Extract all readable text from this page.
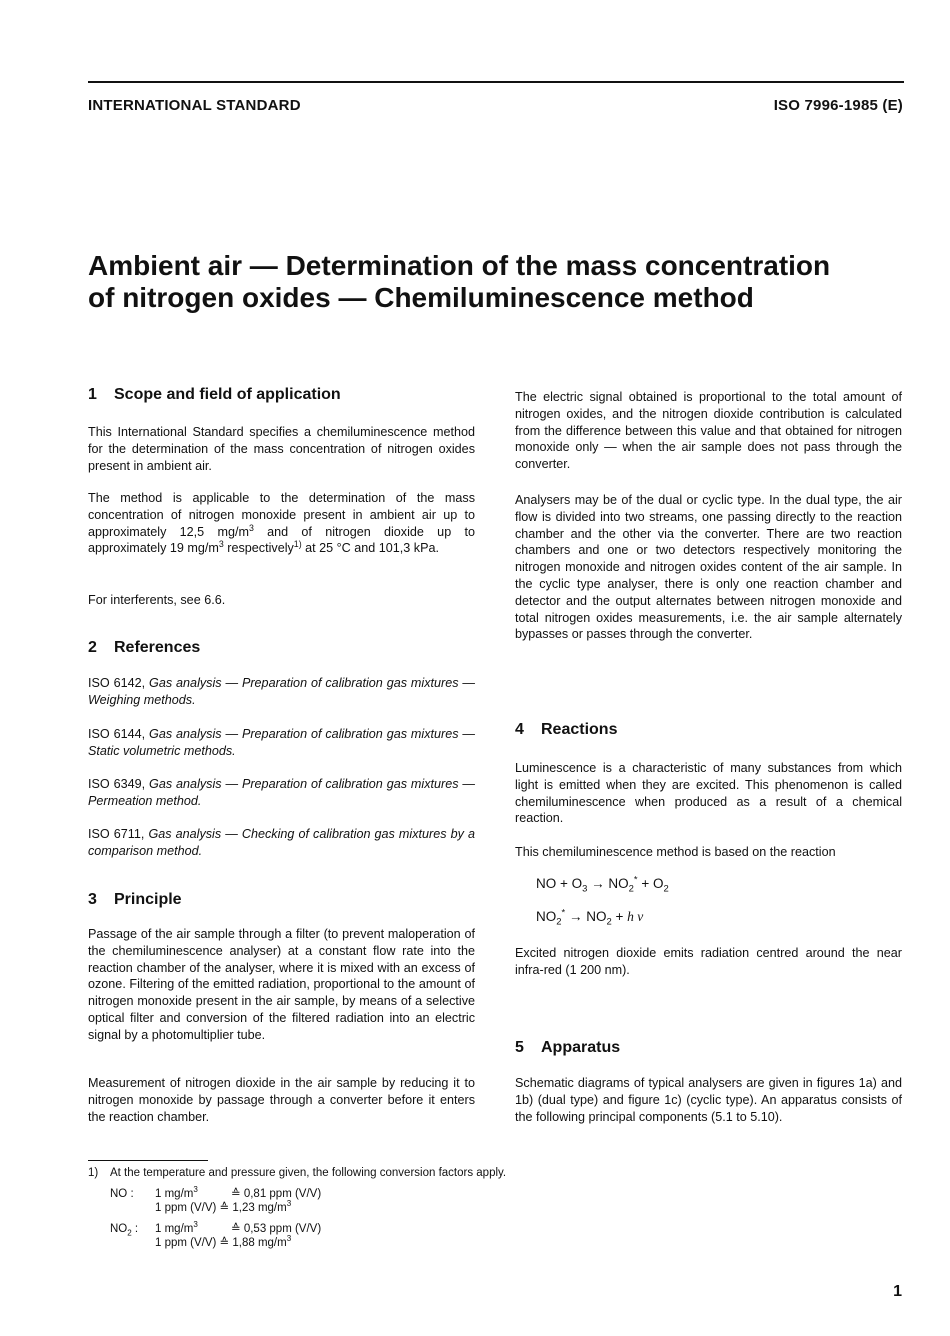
INTERNATIONAL STANDARD	ISO 7996-1985 (E)
Ambient air — Determination of the mass concentration
of nitrogen oxides — Chemiluminescence method
1 Scope and field of application

This International Standard specifies a chemiluminescence method for the determination of the mass concentration of nitrogen oxides present in ambient air.

The method is applicable to the determination of the mass concentration of nitrogen monoxide present in ambient air up to approximately 12,5 $mg/m^3$ and of nitrogen dioxide up to approximately 19 $mg/m^3$ respectively$^{1)}$ at 25 °C and 101,3 kPa.

For interferents, see 6.6.

2 References

ISO 6142, Gas analysis — Preparation of calibration gas mixtures — Weighing methods.

ISO 6144, Gas analysis — Preparation of calibration gas mixtures — Static volumetric methods.

ISO 6349, Gas analysis — Preparation of calibration gas mixtures — Permeation method.

ISO 6711, Gas analysis — Checking of calibration gas mixtures by a comparison method.

3 Principle

Passage of the air sample through a filter (to prevent maloperation of the chemiluminescence analyser) at a constant flow rate into the reaction chamber of the analyser, where it is mixed with an excess of ozone. Filtering of the emitted radiation, proportional to the amount of nitrogen monoxide present in the air sample, by means of a selective optical filter and conversion of the filtered radiation into an electric signal by a photomultiplier tube.

Measurement of nitrogen dioxide in the air sample by reducing it to nitrogen monoxide by passage through a converter before it enters the reaction chamber.

The electric signal obtained is proportional to the total amount of nitrogen oxides, and the nitrogen dioxide contribution is calculated from the difference between this value and that obtained for nitrogen monoxide only — when the air sample does not pass through the converter.

Analysers may be of the dual or cyclic type. In the dual type, the air flow is divided into two streams, one passing directly to the reaction chamber and the other via the converter. There are two reaction chambers and one or two detectors respectively monitoring the nitrogen monoxide and nitrogen oxides content of the air sample. In the cyclic type analyser, there is only one reaction chamber and detector and the output alternates between nitrogen monoxide and total nitrogen oxides measurements, i.e. the air sample alternately bypasses or passes through the converter.

4 Reactions

Luminescence is a characteristic of many substances from which light is emitted when they are excited. This phenomenon is called chemiluminescence when produced as a result of a chemical reaction.

This chemiluminescence method is based on the reaction

NO + $O_3 \to NO_2^* + O_2$
$NO_2^* \to NO_2 + h$ v

Excited nitrogen dioxide emits radiation centred around the near infra-red (1 200 nm).

5 Apparatus

Schematic diagrams of typical analysers are given in figures 1a) and 1b) (dual type) and figure 1c) (cyclic type). An apparatus consists of the following principal components (5.1 to 5.10).

1) At the temperature and pressure given, the following conversion factors apply.
NO : 1 $mg/m^3$	≙ 0,81 ppm (V/V)
1 ppm (V/V) ≙ 1,23 $mg/m^3$
$NO_2$ : 1 $mg/m^3$	≙ 0,53 ppm (V/V)
1 ppm (V/V) ≙ 1,88 $mg/m^3$
1
